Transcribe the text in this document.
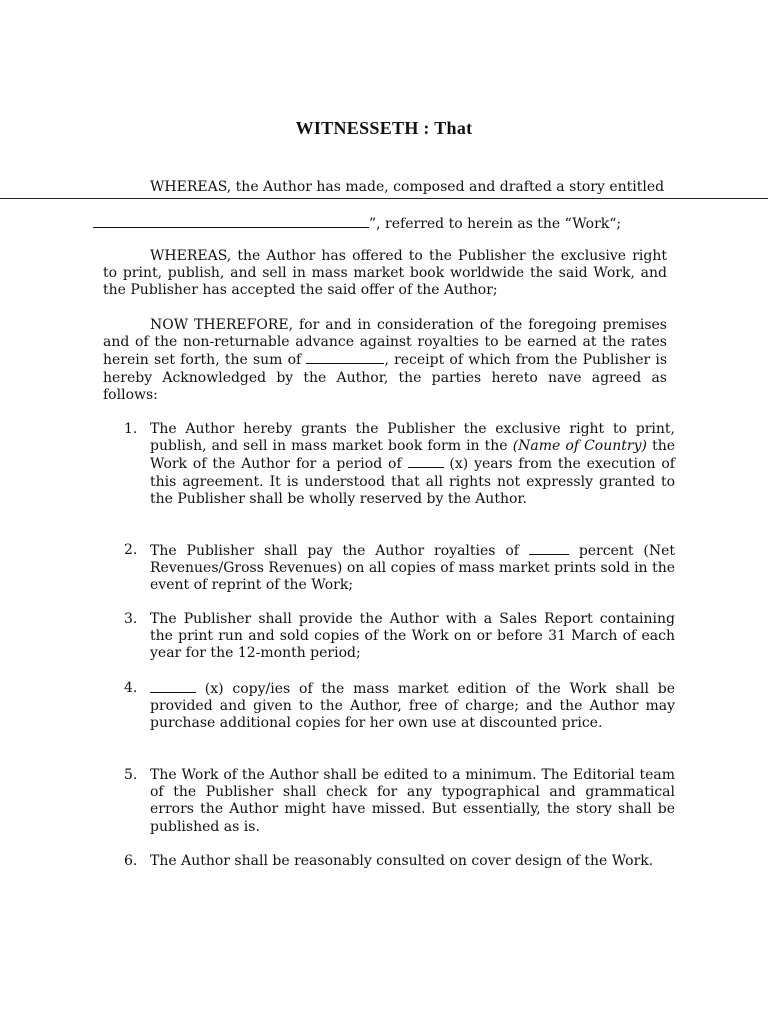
WITNESSETH : That
WHEREAS, the Author has made, composed and drafted a story entitled
”, referred to herein as the “Work“;
WHEREAS, the Author has offered to the Publisher the exclusive right to print, publish, and sell in mass market book worldwide the said Work, and the Publisher has accepted the said offer of the Author;
NOW THEREFORE, for and in consideration of the foregoing premises and of the non-returnable advance against royalties to be earned at the rates herein set forth, the sum of	, receipt of which from the Publisher is hereby Acknowledged by the Author, the parties hereto nave agreed as follows:
1. The Author hereby grants the Publisher the exclusive right to print, publish, and sell in mass market book form in the (Name of Country) the Work of the Author for a period of	(x) years from the execution of this agreement. It is understood that all rights not expressly granted to the Publisher shall be wholly reserved by the Author.
2. The Publisher shall pay the Author royalties of	percent (Net Revenues/Gross Revenues) on all copies of mass market prints sold in the event of reprint of the Work;
3. The Publisher shall provide the Author with a Sales Report containing the print run and sold copies of the Work on or before 31 March of each year for the 12-month period;
4.	(x) copy/ies of the mass market edition of the Work shall be provided and given to the Author, free of charge; and the Author may purchase additional copies for her own use at discounted price.
5. The Work of the Author shall be edited to a minimum. The Editorial team of the Publisher shall check for any typographical and grammatical errors the Author might have missed. But essentially, the story shall be published as is.
6. The Author shall be reasonably consulted on cover design of the Work.
